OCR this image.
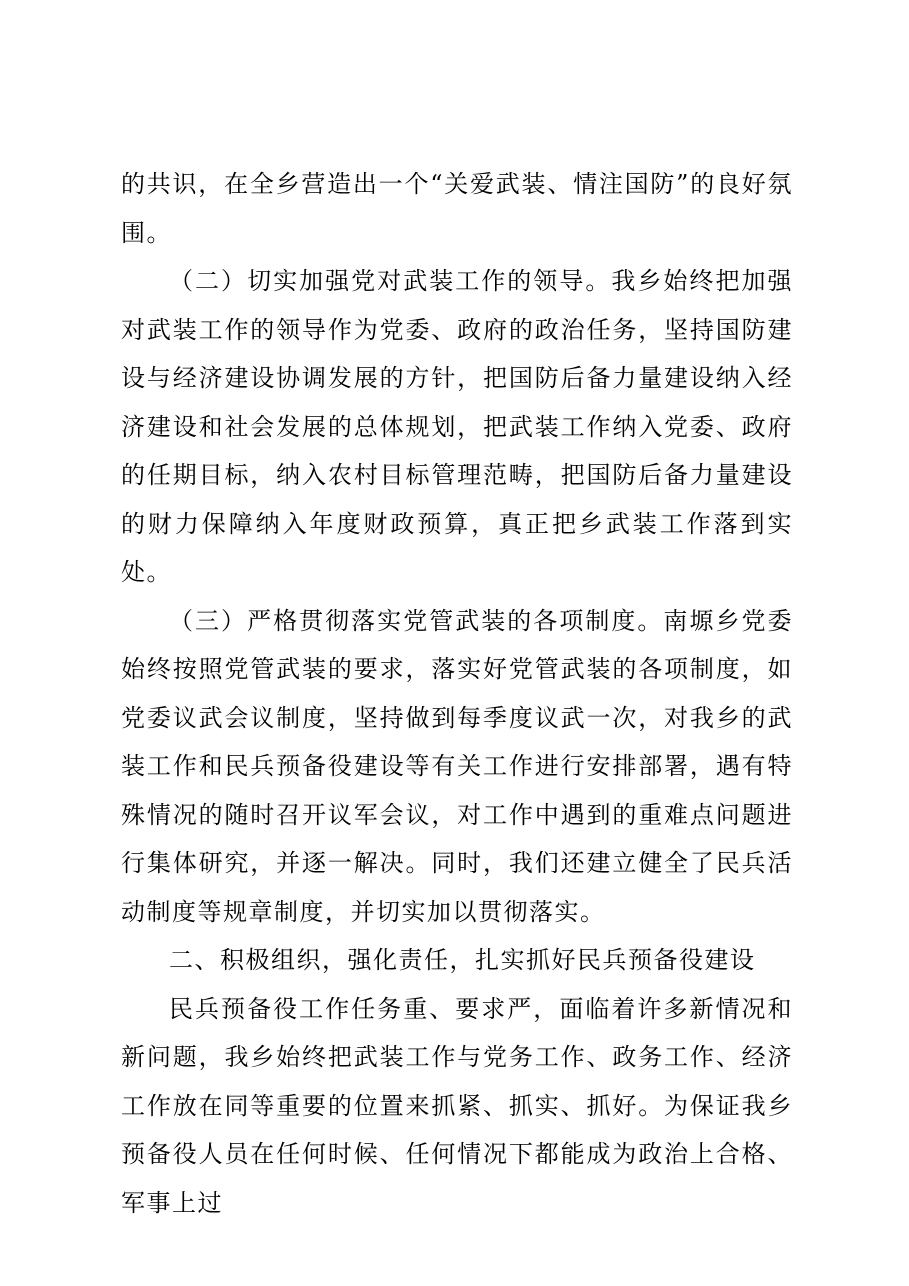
的共识，在全乡营造出一个“关爱武装、情注国防”的良好氛围。

（二）切实加强党对武装工作的领导。我乡始终把加强对武装工作的领导作为党委、政府的政治任务，坚持国防建设与经济建设协调发展的方针，把国防后备力量建设纳入经济建设和社会发展的总体规划，把武装工作纳入党委、政府的任期目标，纳入农村目标管理范畴，把国防后备力量建设的财力保障纳入年度财政预算，真正把乡武装工作落到实处。

（三）严格贯彻落实党管武装的各项制度。南塬乡党委始终按照党管武装的要求，落实好党管武装的各项制度，如党委议武会议制度，坚持做到每季度议武一次，对我乡的武装工作和民兵预备役建设等有关工作进行安排部署，遇有特殊情况的随时召开议军会议，对工作中遇到的重难点问题进行集体研究，并逐一解决。同时，我们还建立健全了民兵活动制度等规章制度，并切实加以贯彻落实。

二、积极组织，强化责任，扎实抓好民兵预备役建设

民兵预备役工作任务重、要求严，面临着许多新情况和新问题，我乡始终把武装工作与党务工作、政务工作、经济工作放在同等重要的位置来抓紧、抓实、抓好。为保证我乡预备役人员在任何时候、任何情况下都能成为政治上合格、军事上过
